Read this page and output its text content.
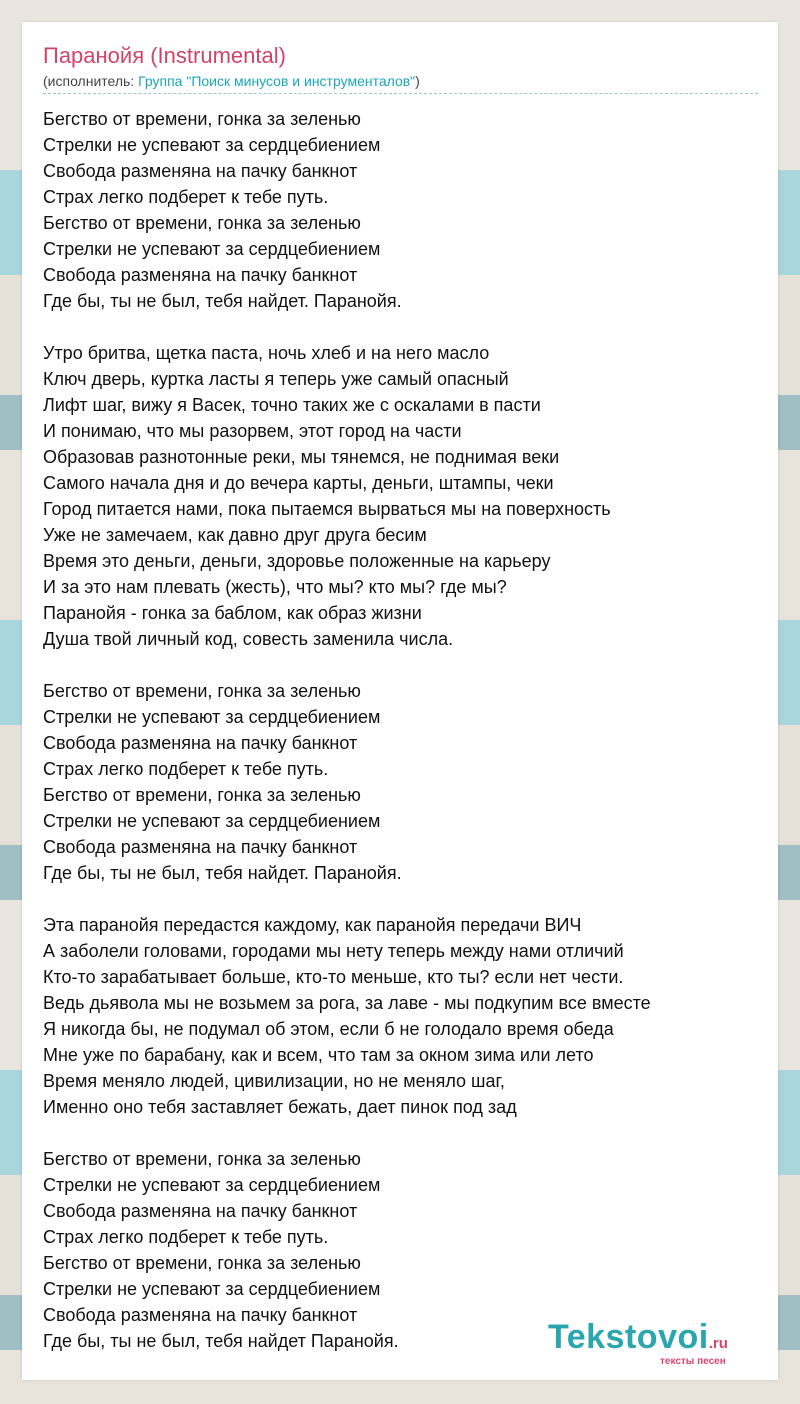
Паранойя (Instrumental)
(исполнитель: Группа "Поиск минусов и инструменталов")
Бегство от времени, гонка за зеленью
Стрелки не успевают за сердцебиением
Свобода разменяна на пачку банкнот
Страх легко подберет к тебе путь.
Бегство от времени, гонка за зеленью
Стрелки не успевают за сердцебиением
Свобода разменяна на пачку банкнот
Где бы, ты не был, тебя найдет. Паранойя.

Утро бритва, щетка паста, ночь хлеб и на него масло
Ключ дверь, куртка ласты я теперь уже самый опасный
Лифт шаг, вижу я Васек, точно таких же с оскалами в пасти
И понимаю, что мы разорвем, этот город на части
Образовав разнотонные реки, мы тянемся, не поднимая веки
Самого начала дня и до вечера карты, деньги, штампы, чеки
Город питается нами, пока пытаемся вырваться мы на поверхность
Уже не замечаем, как давно друг друга бесим
Время это деньги, деньги, здоровье положенные на карьеру
И за это нам плевать (жесть), что мы? кто мы? где мы?
Паранойя - гонка за баблом, как образ жизни
Душа твой личный код, совесть заменила числа.

Бегство от времени, гонка за зеленью
Стрелки не успевают за сердцебиением
Свобода разменяна на пачку банкнот
Страх легко подберет к тебе путь.
Бегство от времени, гонка за зеленью
Стрелки не успевают за сердцебиением
Свобода разменяна на пачку банкнот
Где бы, ты не был, тебя найдет. Паранойя.

Эта паранойя передастся каждому, как паранойя передачи ВИЧ
А заболели головами, городами мы нету теперь между нами отличий
Кто-то зарабатывает больше, кто-то меньше, кто ты? если нет чести.
Ведь дьявола мы не возьмем за рога, за лаве - мы подкупим все вместе
Я никогда бы, не подумал об этом, если б не голодало время обеда
Мне уже по барабану, как и всем, что там за окном зима или лето
Время меняло людей, цивилизации, но не меняло шаг,
Именно оно тебя заставляет бежать, дает пинок под зад

Бегство от времени, гонка за зеленью
Стрелки не успевают за сердцебиением
Свобода разменяна на пачку банкнот
Страх легко подберет к тебе путь.
Бегство от времени, гонка за зеленью
Стрелки не успевают за сердцебиением
Свобода разменяна на пачку банкнот
Где бы, ты не был, тебя найдет Паранойя.	Tekstovoi.ru
тексты песен
